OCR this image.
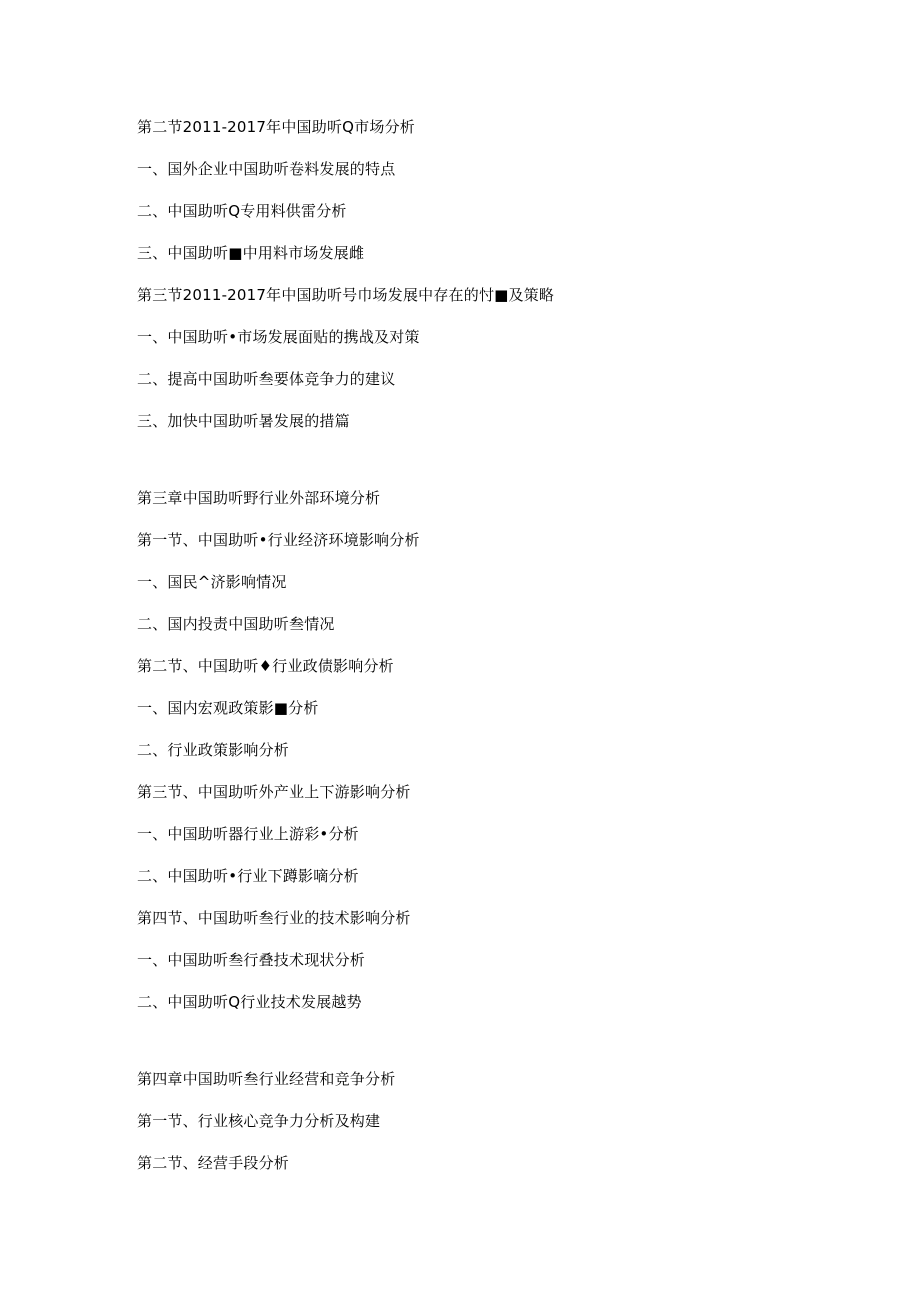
第二节2011-2017年中国助听Q市场分析
一、国外企业中国助听卷料发展的特点
二、中国助听Q专用料供雷分析
三、中国助听■中用料市场发展雌
第三节2011-2017年中国助听号巾场发展中存在的忖■及策略
一、中国助听•市场发展面贴的携战及对策
二、提高中国助听叁要体竞争力的建议
三、加快中国助听暑发展的措篇
第三章中国助听野行业外部环境分析
第一节、中国助听•行业经济环境影响分析
一、国民^济影响情况
二、国内投责中国助听叁情况
第二节、中国助听♦行业政债影响分析
一、国内宏观政策影■分析
二、行业政策影响分析
第三节、中国助听外产业上下游影响分析
一、中国助听器行业上游彩•分析
二、中国助听•行业下蹲影嘀分析
第四节、中国助听叁行业的技术影响分析
一、中国助听叁行叠技术现状分析
二、中国助听Q行业技术发展越势
第四章中国助听叁行业经营和竞争分析
第一节、行业核心竞争力分析及构建
第二节、经营手段分析
